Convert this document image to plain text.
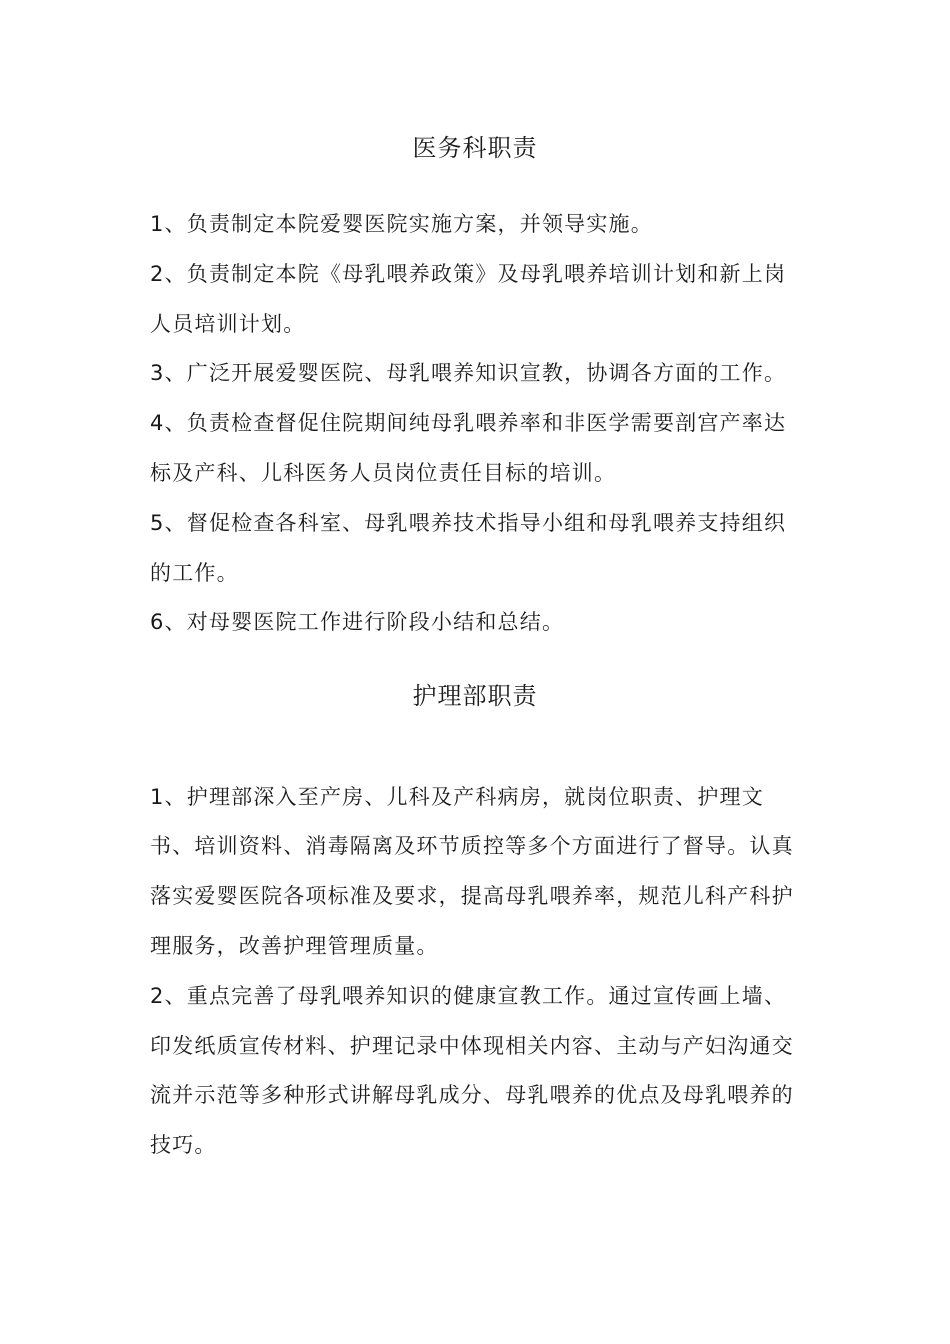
医务科职责

1、负责制定本院爱婴医院实施方案，并领导实施。

2、负责制定本院《母乳喂养政策》及母乳喂养培训计划和新上岗

人员培训计划。

3、广泛开展爱婴医院、母乳喂养知识宣教，协调各方面的工作。

4、负责检查督促住院期间纯母乳喂养率和非医学需要剖宫产率达

标及产科、儿科医务人员岗位责任目标的培训。

5、督促检查各科室、母乳喂养技术指导小组和母乳喂养支持组织

的工作。

6、对母婴医院工作进行阶段小结和总结。

护理部职责

1、护理部深入至产房、儿科及产科病房，就岗位职责、护理文

书、培训资料、消毒隔离及环节质控等多个方面进行了督导。认真

落实爱婴医院各项标准及要求，提高母乳喂养率，规范儿科产科护

理服务，改善护理管理质量。

2、重点完善了母乳喂养知识的健康宣教工作。通过宣传画上墙、

印发纸质宣传材料、护理记录中体现相关内容、主动与产妇沟通交

流并示范等多种形式讲解母乳成分、母乳喂养的优点及母乳喂养的

技巧。
